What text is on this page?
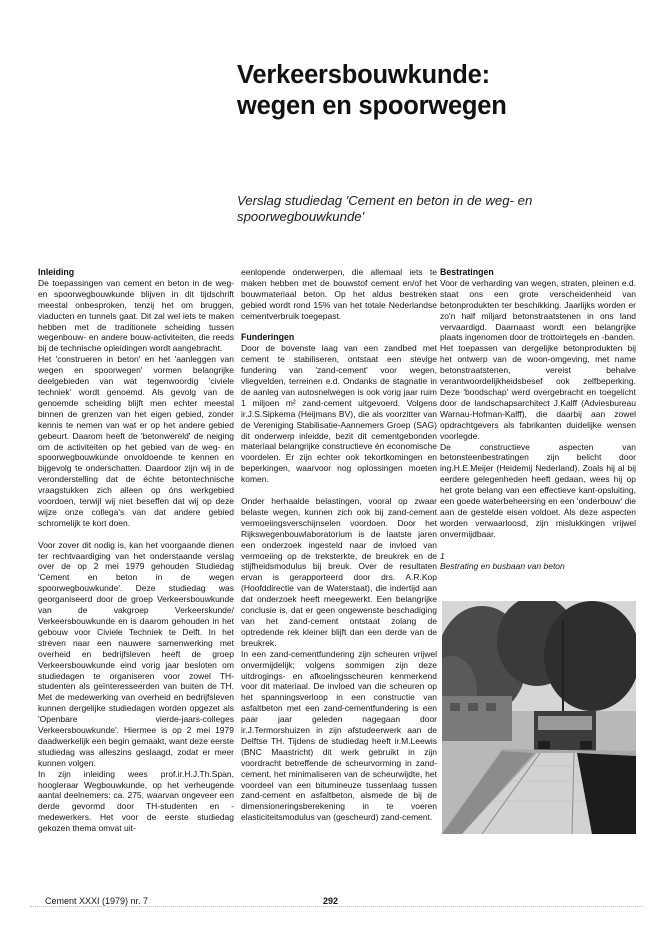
Verkeersbouwkunde:
wegen en spoorwegen
Verslag studiedag 'Cement en beton in de weg- en
spoorwegbouwkunde'
Inleiding

De toepassingen van cement en beton in de weg- en spoorwegbouwkunde blijven in dit tijdschrift meestal onbesproken, tenzij het om bruggen, viaducten en tunnels gaat. Dit zal wel iets te maken hebben met de traditionele scheiding tussen wegenbouw- en andere bouw-activiteiten, die reeds bij de technische opleidingen wordt aangebracht.

Het 'construeren in beton' en het 'aanleggen van wegen en spoorwegen' vormen belangrijke deelgebieden van wat tegenwoordig 'civiele techniek' wordt genoemd. Als gevolg van de genoemde scheiding blijft men echter meestal binnen de grenzen van het eigen gebied, zonder kennis te nemen van wat er op het andere gebied gebeurt. Daarom heeft de 'betonwereld' de neiging om de activiteiten op het gebied van de weg- en spoorwegbouwkunde onvoldoende te kennen en bijgevolg te onderschatten. Daardoor zijn wij in de veronderstelling dat de échte betontechnische vraagstukken zich alleen op óns werkgebied voordoen, terwijl wij niet beseffen dat wij op deze wijze onze collega's van dat andere gebied schromelijk te kort doen.

Voor zover dit nodig is, kan het voorgaande dienen ter rechtvaardiging van het onderstaande verslag over de op 2 mei 1979 gehouden Studiedag 'Cement en beton in de wegen spoorwegbouwkunde'. Deze studiedag was georganiseerd door de groep Verkeersbouwkunde van de vakgroep Verkeerskunde/ Verkeersbouwkunde en is daarom gehouden in het gebouw voor Civiele Techniek te Delft. In het streven naar een nauwere samenwerking met overheid en bedrijfsleven heeft de groep Verkeersbouwkunde eind vorig jaar besloten om studiedagen te organiseren voor zowel TH-studenten als geïnteresseerden van buiten de TH. Met de medewerking van overheid en bedrijfsleven kunnen dergelijke studiedagen worden opgezet als 'Openbare vierde-jaars-colleges Verkeersbouwkunde'. Hiermee is op 2 mei 1979 daadwerkelijk een begin gemaakt, want deze eerste studiedag was alleszins geslaagd, zodat er meer kunnen volgen.

In zijn inleiding wees prof.ir.H.J.Th.Span, hoogleraar Wegbouwkunde, op het verheugende aantal deelnemers: ca. 275, waarvan ongeveer een derde gevormd door TH-studenten en -medewerkers. Het voor de eerste studiedag gekozen thema omvat uit-

eenlopende onderwerpen, die allemaal iets te maken hebben met de bouwstof cement en/of het bouwmateriaal beton. Op het aldus bestreken gebied wordt rond 15% van het totale Nederlandse cementverbruik toegepast.

Funderingen

Door de bovenste laag van een zandbed met cement te stabiliseren, ontstaat een stevige fundering van 'zand-cement' voor wegen, vliegvelden, terreinen e.d. Ondanks de stagnatie in de aanleg van autosnelwegen is ook vorig jaar ruim 1 miljoen m² zand-cement uitgevoerd. Volgens ir.J.S.Sipkema (Heijmans BV), die als voorzitter van de Vereniging Stabilisatie-Aannemers Groep (SAG) dit onderwerp inleidde, bezit dit cementgebonden materiaal belangrijke constructieve én economische voordelen. Er zijn echter ook tekortkomingen en beperkingen, waarvoor nog oplossingen moeten komen.

Onder herhaalde belastingen, vooral op zwaar belaste wegen, kunnen zich ook bij zand-cement vermoeiingsverschijnselen voordoen. Door het Rijkswegenbouwlaboratorium is de laatste jaren een onderzoek ingesteld naar de invloed van vermoeiing op de treksterkte, de breukrek en de stijfheidsmodulus bij breuk. Over de resultaten ervan is gerapporteerd door drs. A.R.Kop (Hoofddirectie van de Waterstaat), die indertijd aan dat onderzoek heeft meegewerkt. Een belangrijke conclusie is, dat er geen ongewenste beschadiging van het zand-cement ontstaat zolang de optredende rek kleiner blijft dan een derde van de breukrek.

In een zand-cementfundering zijn scheuren vrijwel onvermijdelijk; volgens sommigen zijn deze uitdrogings- en afkoelingsscheuren kenmerkend voor dit materiaal. De invloed van die scheuren op het spanningsverloop in een constructie van asfaltbeton met een zand-cementfundering is een paar jaar geleden nagegaan door ir.J.Termorshuizen in zijn afstudeerwerk aan de Delftse TH. Tijdens de studiedag heeft ir.M.Leewis (BNC Maastricht) dit werk gebruikt in zijn voordracht betreffende de scheurvorming in zand-cement, het minimaliseren van de scheurwijdte, het voordeel van een bitumineuze tussenlaag tussen zand-cement en asfaltbeton, alsmede de bij de dimensioneringsberekening in te voeren elasticiteitsmodulus van (gescheurd) zand-cement.

Bestratingen

Voor de verharding van wegen, straten, pleinen e.d. staat ons een grote verscheidenheid van betonprodukten ter beschikking. Jaarlijks worden er zo'n half miljard betonstraatstenen in ons land vervaardigd. Daarnaast wordt een belangrijke plaats ingenomen door de trottoirtegels en -banden.

Het toepassen van dergelijke betonprodukten bij het ontwerp van de woon-omgeving, met name betonstraatstenen, vereist behalve verantwoordelijkheidsbesef ook zelfbeperking. Deze 'boodschap' werd overgebracht en toegelicht door de landschapsarchitect J.Kalff (Adviesbureau Warnau-Hofman-Kalff), die daarbij aan zowel opdrachtgevers als fabrikanten duidelijke wensen voorlegde.

De constructieve aspecten van betonsteenbestratingen zijn belicht door ing.H.E.Meijer (Heidemij Nederland). Zoals hij al bij eerdere gelegenheden heeft gedaan, wees hij op het grote belang van een effectieve kant-opsluiting, een goede waterbeheersing en een 'onderbouw' die aan de gestelde eisen voldoet. Als deze aspecten worden verwaarloosd, zijn mislukkingen vrijwel onvermijdbaar.

1

Bestrating en busbaan van beton

Cement XXXI (1979) nr. 7	292
